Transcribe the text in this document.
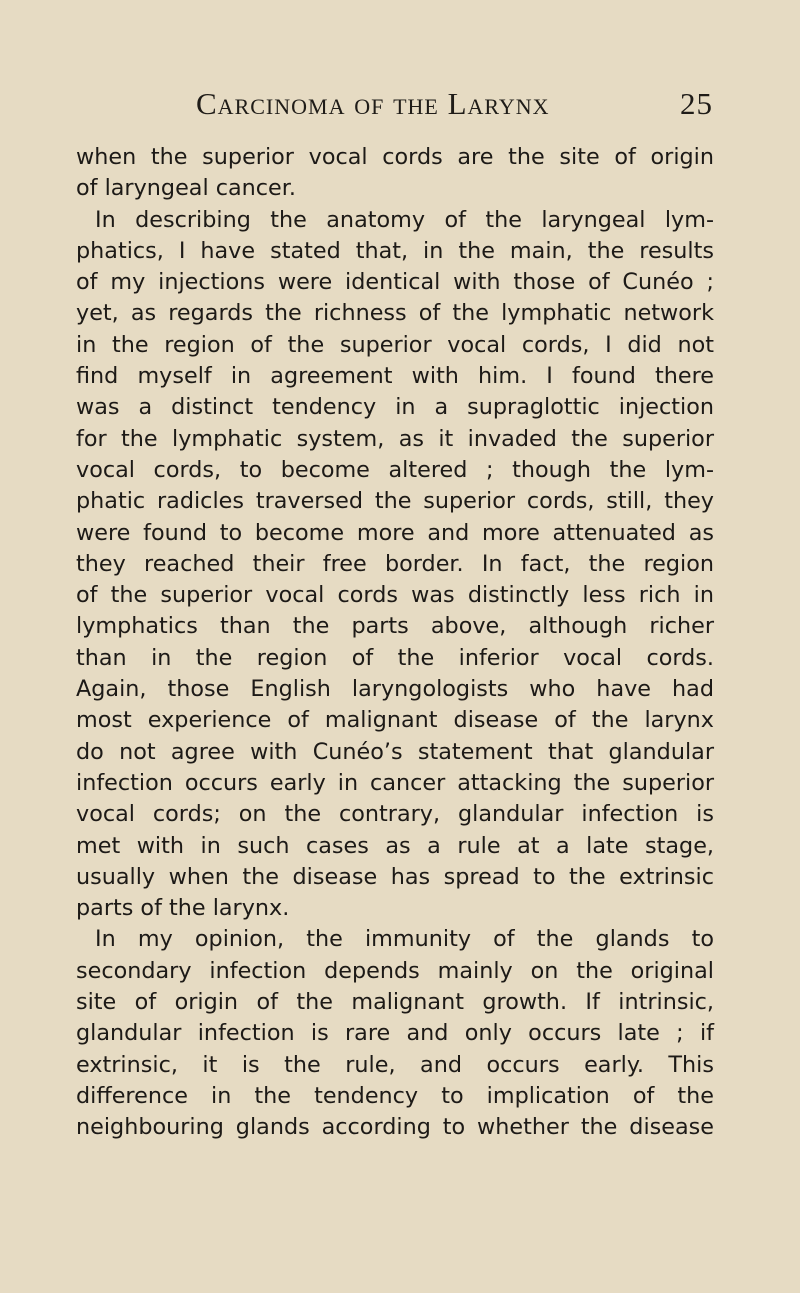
Carcinoma of the Larynx	25
when the superior vocal cords are the site of origin
of laryngeal cancer.
In describing the anatomy of the laryngeal lym-
phatics, I have stated that, in the main, the results
of my injections were identical with those of Cunéo ;
yet, as regards the richness of the lymphatic network
in the region of the superior vocal cords, I did not
find myself in agreement with him. I found there
was a distinct tendency in a supraglottic injection
for the lymphatic system, as it invaded the superior
vocal cords, to become altered ; though the lym-
phatic radicles traversed the superior cords, still, they
were found to become more and more attenuated as
they reached their free border. In fact, the region
of the superior vocal cords was distinctly less rich in
lymphatics than the parts above, although richer
than in the region of the inferior vocal cords.
Again, those English laryngologists who have had
most experience of malignant disease of the larynx
do not agree with Cunéo’s statement that glandular
infection occurs early in cancer attacking the superior
vocal cords; on the contrary, glandular infection is
met with in such cases as a rule at a late stage,
usually when the disease has spread to the extrinsic
parts of the larynx.
In my opinion, the immunity of the glands to
secondary infection depends mainly on the original
site of origin of the malignant growth. If intrinsic,
glandular infection is rare and only occurs late ; if
extrinsic, it is the rule, and occurs early. This
difference in the tendency to implication of the
neighbouring glands according to whether the disease
